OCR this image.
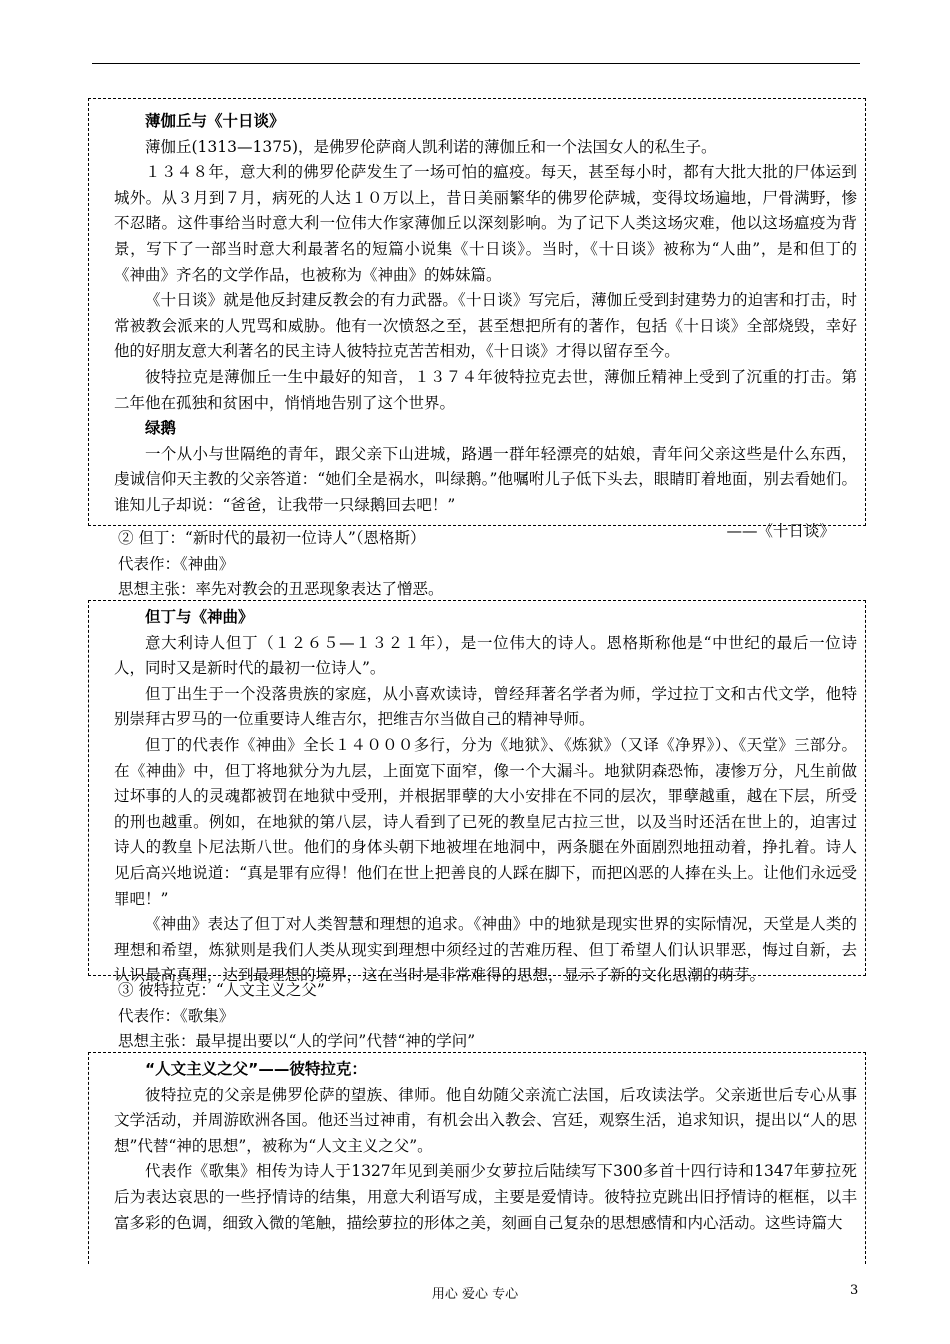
薄伽丘与《十日谈》

薄伽丘(1313—1375)，是佛罗伦萨商人凯利诺的薄伽丘和一个法国女人的私生子。

１３４８年，意大利的佛罗伦萨发生了一场可怕的瘟疫。每天，甚至每小时，都有大批大批的尸体运到城外。从３月到７月，病死的人达１０万以上，昔日美丽繁华的佛罗伦萨城，变得坟场遍地，尸骨满野，惨不忍睹。这件事给当时意大利一位伟大作家薄伽丘以深刻影响。为了记下人类这场灾难，他以这场瘟疫为背景，写下了一部当时意大利最著名的短篇小说集《十日谈》。当时，《十日谈》被称为“人曲”，是和但丁的《神曲》齐名的文学作品，也被称为《神曲》的姊妹篇。

《十日谈》就是他反封建反教会的有力武器。《十日谈》写完后，薄伽丘受到封建势力的迫害和打击，时常被教会派来的人咒骂和威胁。他有一次愤怒之至，甚至想把所有的著作，包括《十日谈》全部烧毁，幸好他的好朋友意大利著名的民主诗人彼特拉克苦苦相劝，《十日谈》才得以留存至今。

彼特拉克是薄伽丘一生中最好的知音，１３７４年彼特拉克去世，薄伽丘精神上受到了沉重的打击。第二年他在孤独和贫困中，悄悄地告别了这个世界。

绿鹅

一个从小与世隔绝的青年，跟父亲下山进城，路遇一群年轻漂亮的姑娘，青年问父亲这些是什么东西，虔诚信仰天主教的父亲答道：“她们全是祸水，叫绿鹅。”他嘱咐儿子低下头去，眼睛盯着地面，别去看她们。谁知儿子却说：“爸爸，让我带一只绿鹅回去吧！”

——《十日谈》

② 但丁：“新时代的最初一位诗人”（恩格斯）

代表作：《神曲》

思想主张：率先对教会的丑恶现象表达了憎恶。

但丁与《神曲》

意大利诗人但丁（１２６５—１３２１年），是一位伟大的诗人。恩格斯称他是“中世纪的最后一位诗人，同时又是新时代的最初一位诗人”。

但丁出生于一个没落贵族的家庭，从小喜欢读诗，曾经拜著名学者为师，学过拉丁文和古代文学，他特别崇拜古罗马的一位重要诗人维吉尔，把维吉尔当做自己的精神导师。

但丁的代表作《神曲》全长１４０００多行，分为《地狱》、《炼狱》（又译《净界》）、《天堂》三部分。在《神曲》中，但丁将地狱分为九层，上面宽下面窄，像一个大漏斗。地狱阴森恐怖，凄惨万分，凡生前做过坏事的人的灵魂都被罚在地狱中受刑，并根据罪孽的大小安排在不同的层次，罪孽越重，越在下层，所受的刑也越重。例如，在地狱的第八层，诗人看到了已死的教皇尼古拉三世，以及当时还活在世上的，迫害过诗人的教皇卜尼法斯八世。他们的身体头朝下地被埋在地洞中，两条腿在外面剧烈地扭动着，挣扎着。诗人见后高兴地说道：“真是罪有应得！他们在世上把善良的人踩在脚下，而把凶恶的人捧在头上。让他们永远受罪吧！”

《神曲》表达了但丁对人类智慧和理想的追求。《神曲》中的地狱是现实世界的实际情况，天堂是人类的理想和希望，炼狱则是我们人类从现实到理想中须经过的苦难历程、但丁希望人们认识罪恶，悔过自新，去认识最高真理，达到最理想的境界，这在当时是非常难得的思想，显示了新的文化思潮的萌芽。

③ 彼特拉克：“人文主义之父”

代表作：《歌集》

思想主张：最早提出要以“人的学问”代替“神的学问”

“人文主义之父”——彼特拉克：

彼特拉克的父亲是佛罗伦萨的望族、律师。他自幼随父亲流亡法国，后攻读法学。父亲逝世后专心从事文学活动，并周游欧洲各国。他还当过神甫，有机会出入教会、宫廷，观察生活，追求知识，提出以“人的思想”代替“神的思想”，被称为“人文主义之父”。

代表作《歌集》相传为诗人于1327年见到美丽少女萝拉后陆续写下300多首十四行诗和1347年萝拉死后为表达哀思的一些抒情诗的结集，用意大利语写成，主要是爱情诗。彼特拉克跳出旧抒情诗的框框，以丰富多彩的色调，细致入微的笔触，描绘萝拉的形体之美，刻画自己复杂的思想感情和内心活动。这些诗篇大

用心 爱心 专心	3
